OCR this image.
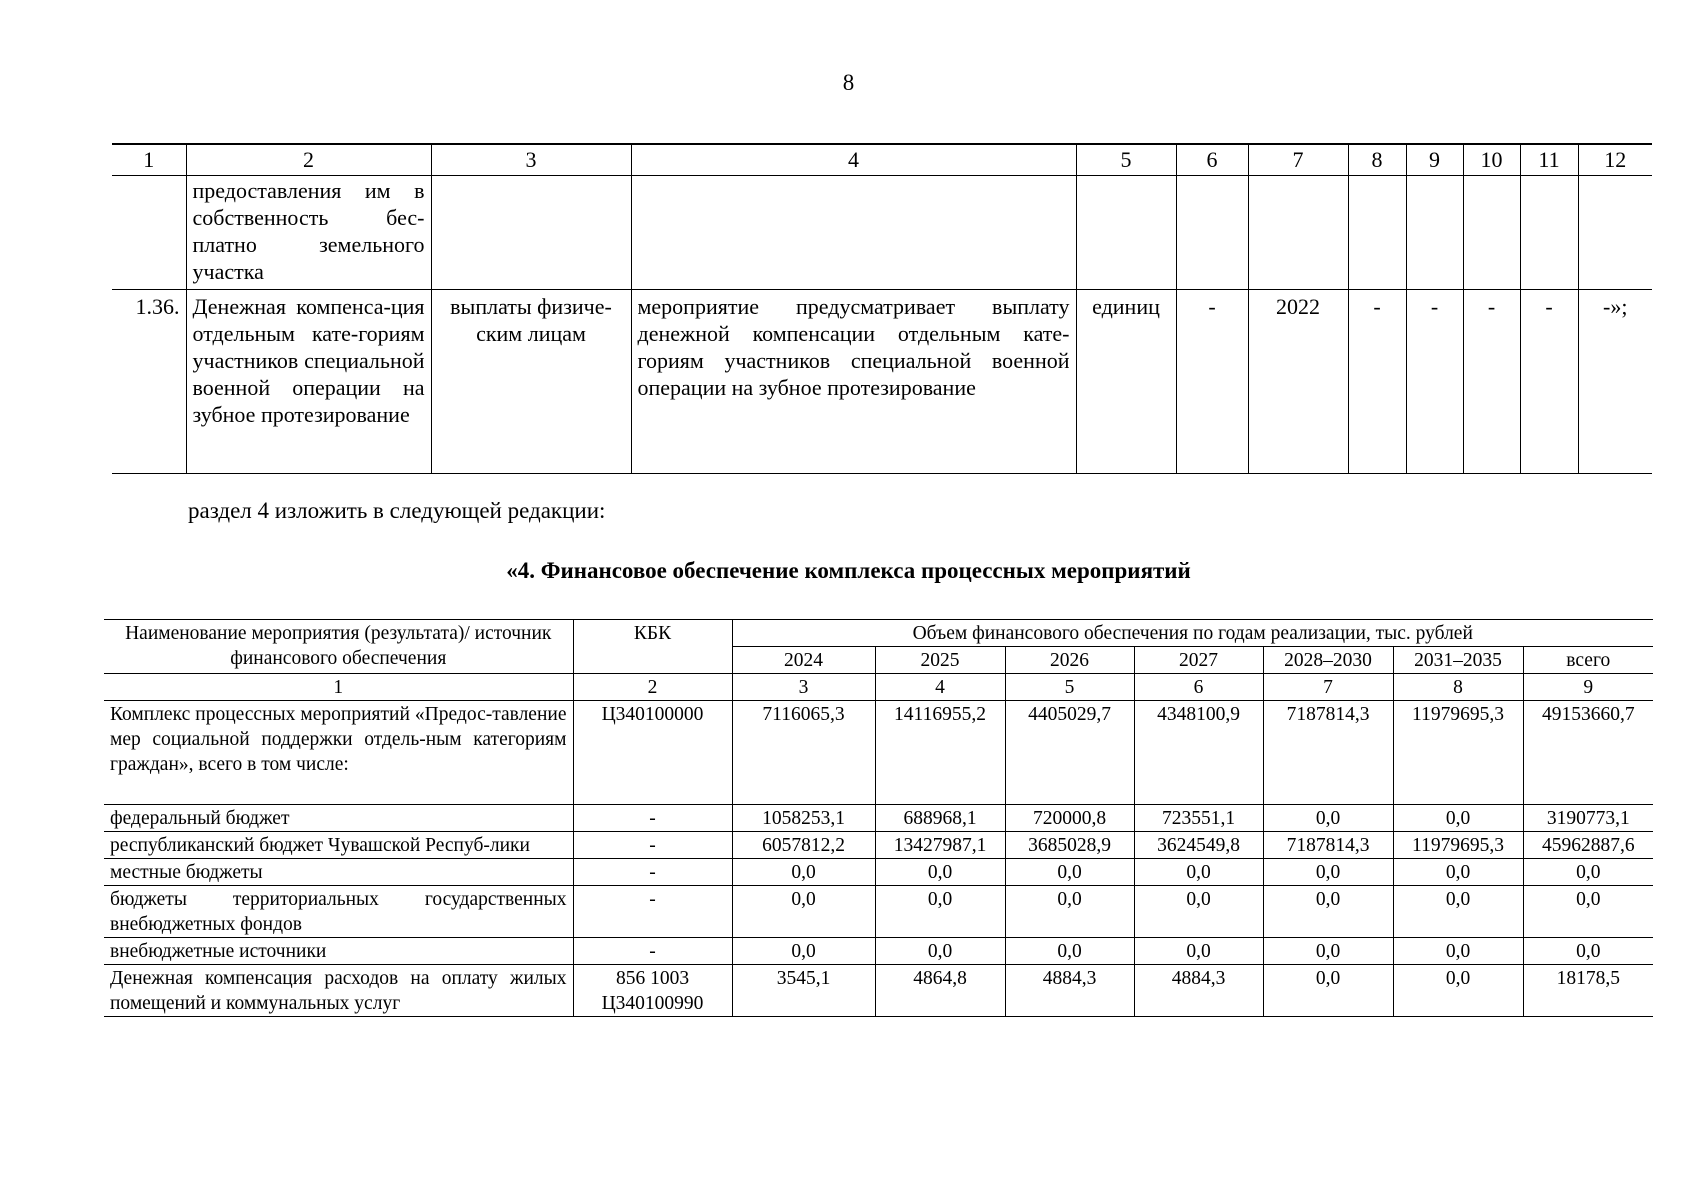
8
1	2	3	4	5	6	7	8	9	10	11	12
	предоставления им в собственность бес-платно земельного участка										
1.36.	Денежная компенса-ция отдельным кате-гориям участников специальной военной операции на зубное протезирование	выплаты физиче-ским лицам	мероприятие предусматривает выплату денежной компенсации отдельным кате-гориям участников специальной военной операции на зубное протезирование	единиц	-	2022	-	-	-	-	-»;
раздел 4 изложить в следующей редакции:
«4. Финансовое обеспечение комплекса процессных мероприятий
Наименование мероприятия (результата)/ источник финансового обеспечения	КБК	Объем финансового обеспечения по годам реализации, тыс. рублей						
		2024	2025	2026	2027	2028–2030	2031–2035	всего
1	2	3	4	5	6	7	8	9
Комплекс процессных мероприятий «Предос-тавление мер социальной поддержки отдель-ным категориям граждан», всего в том числе:	Ц340100000	7116065,3	14116955,2	4405029,7	4348100,9	7187814,3	11979695,3	49153660,7
федеральный бюджет	-	1058253,1	688968,1	720000,8	723551,1	0,0	0,0	3190773,1
республиканский бюджет Чувашской Респуб-лики	-	6057812,2	13427987,1	3685028,9	3624549,8	7187814,3	11979695,3	45962887,6
местные бюджеты	-	0,0	0,0	0,0	0,0	0,0	0,0	0,0
бюджеты территориальных государственных внебюджетных фондов	-	0,0	0,0	0,0	0,0	0,0	0,0	0,0
внебюджетные источники	-	0,0	0,0	0,0	0,0	0,0	0,0	0,0
Денежная компенсация расходов на оплату жилых помещений и коммунальных услуг	856 1003 Ц340100990	3545,1	4864,8	4884,3	4884,3	0,0	0,0	18178,5
